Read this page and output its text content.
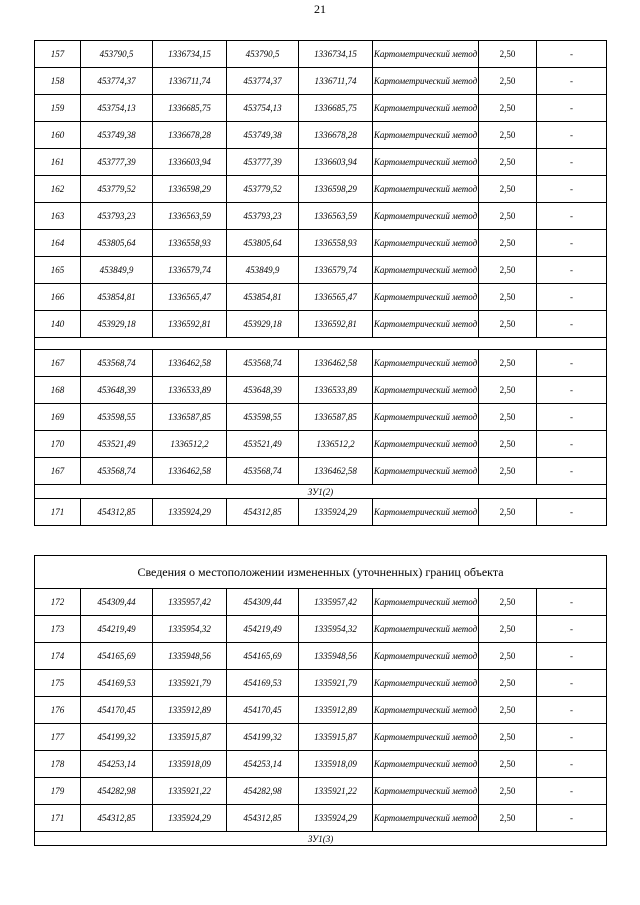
21
157	453790,5	1336734,15	453790,5	1336734,15	Картометрический метод	2,50	-
158	453774,37	1336711,74	453774,37	1336711,74	Картометрический метод	2,50	-
159	453754,13	1336685,75	453754,13	1336685,75	Картометрический метод	2,50	-
160	453749,38	1336678,28	453749,38	1336678,28	Картометрический метод	2,50	-
161	453777,39	1336603,94	453777,39	1336603,94	Картометрический метод	2,50	-
162	453779,52	1336598,29	453779,52	1336598,29	Картометрический метод	2,50	-
163	453793,23	1336563,59	453793,23	1336563,59	Картометрический метод	2,50	-
164	453805,64	1336558,93	453805,64	1336558,93	Картометрический метод	2,50	-
165	453849,9	1336579,74	453849,9	1336579,74	Картометрический метод	2,50	-
166	453854,81	1336565,47	453854,81	1336565,47	Картометрический метод	2,50	-
140	453929,18	1336592,81	453929,18	1336592,81	Картометрический метод	2,50	-

167	453568,74	1336462,58	453568,74	1336462,58	Картометрический метод	2,50	-
168	453648,39	1336533,89	453648,39	1336533,89	Картометрический метод	2,50	-
169	453598,55	1336587,85	453598,55	1336587,85	Картометрический метод	2,50	-
170	453521,49	1336512,2	453521,49	1336512,2	Картометрический метод	2,50	-
167	453568,74	1336462,58	453568,74	1336462,58	Картометрический метод	2,50	-
ЗУ1(2)							
171	454312,85	1335924,29	454312,85	1335924,29	Картометрический метод	2,50	-
Сведения о местоположении измененных (уточненных) границ объекта							
172	454309,44	1335957,42	454309,44	1335957,42	Картометрический метод	2,50	-
173	454219,49	1335954,32	454219,49	1335954,32	Картометрический метод	2,50	-
174	454165,69	1335948,56	454165,69	1335948,56	Картометрический метод	2,50	-
175	454169,53	1335921,79	454169,53	1335921,79	Картометрический метод	2,50	-
176	454170,45	1335912,89	454170,45	1335912,89	Картометрический метод	2,50	-
177	454199,32	1335915,87	454199,32	1335915,87	Картометрический метод	2,50	-
178	454253,14	1335918,09	454253,14	1335918,09	Картометрический метод	2,50	-
179	454282,98	1335921,22	454282,98	1335921,22	Картометрический метод	2,50	-
171	454312,85	1335924,29	454312,85	1335924,29	Картометрический метод	2,50	-
ЗУ1(3)							
